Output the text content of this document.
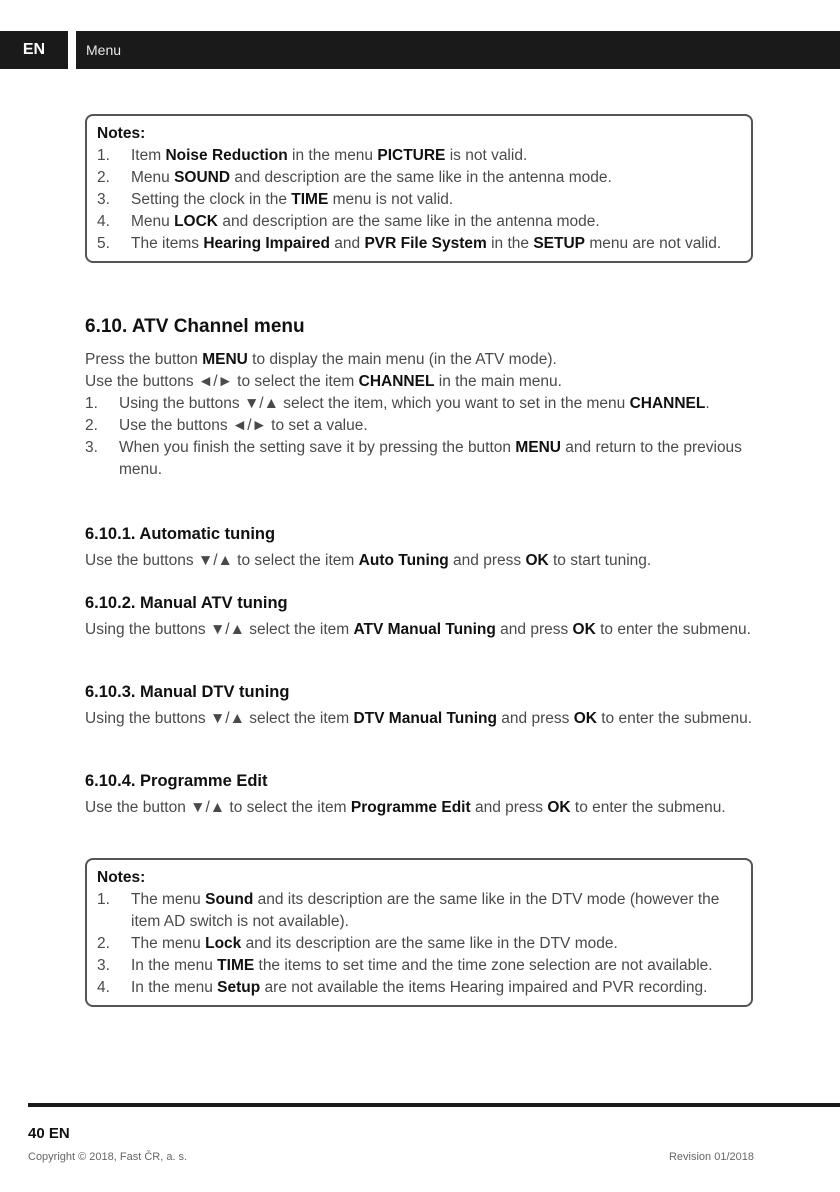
EN	Menu
Notes:
1. Item Noise Reduction in the menu PICTURE is not valid.
2. Menu SOUND and description are the same like in the antenna mode.
3. Setting the clock in the TIME menu is not valid.
4. Menu LOCK and description are the same like in the antenna mode.
5. The items Hearing Impaired and PVR File System in the SETUP menu are not valid.
6.10. ATV Channel menu

Press the button MENU to display the main menu (in the ATV mode).

Use the buttons ◄/► to select the item CHANNEL in the main menu.

1. Using the buttons ▼/▲ select the item, which you want to set in the menu CHANNEL.
2. Use the buttons ◄/► to set a value.
3. When you finish the setting save it by pressing the button MENU and return to the previous menu.
6.10.1. Automatic tuning

Use the buttons ▼/▲ to select the item Auto Tuning and press OK to start tuning.

6.10.2. Manual ATV tuning

Using the buttons ▼/▲ select the item ATV Manual Tuning and press OK to enter the submenu.

6.10.3. Manual DTV tuning

Using the buttons ▼/▲ select the item DTV Manual Tuning and press OK to enter the submenu.

6.10.4. Programme Edit

Use the button ▼/▲ to select the item Programme Edit and press OK to enter the submenu.

Notes:
1. The menu Sound and its description are the same like in the DTV mode (however the item AD switch is not available).
2. The menu Lock and its description are the same like in the DTV mode.
3. In the menu TIME the items to set time and the time zone selection are not available.
4. In the menu Setup are not available the items Hearing impaired and PVR recording.
40 EN
Copyright © 2018, Fast ČR, a. s.	Revision 01/2018
